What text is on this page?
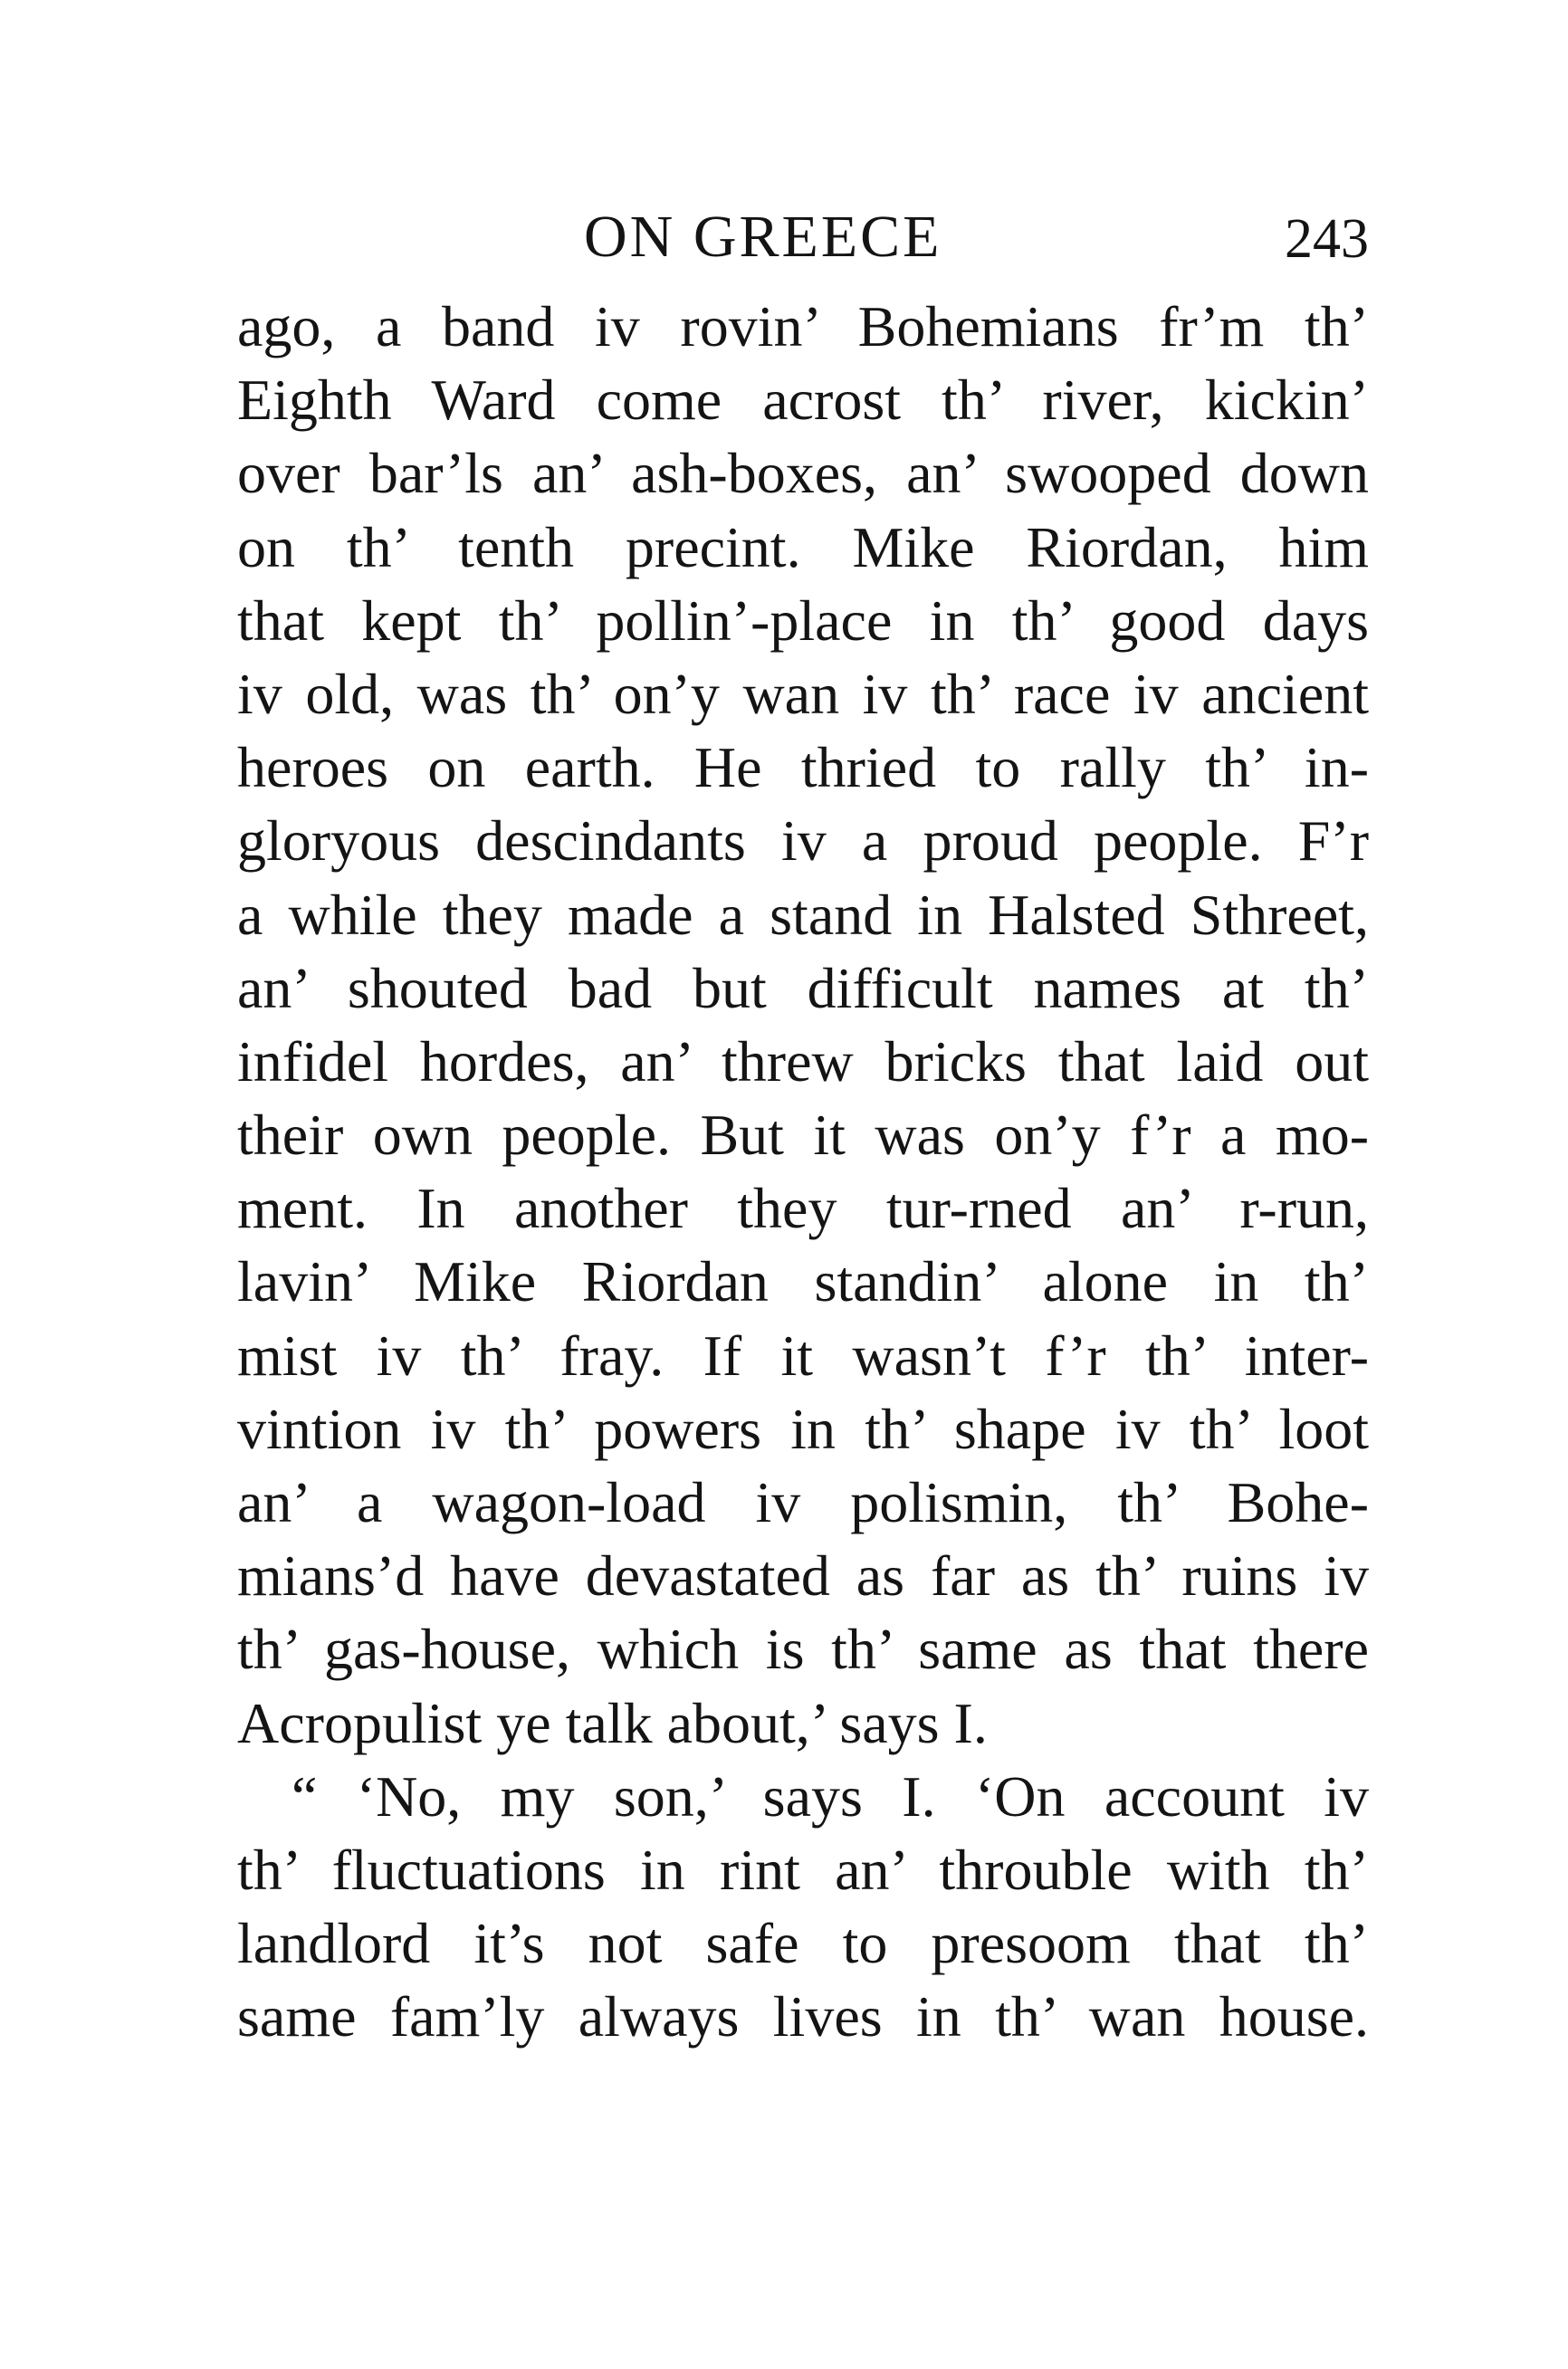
ON GREECE	243
ago, a band iv rovin’ Bohemians fr’m th’
Eighth Ward come acrost th’ river, kickin’
over bar’ls an’ ash-boxes, an’ swooped down
on th’ tenth precint. Mike Riordan, him
that kept th’ pollin’-place in th’ good days
iv old, was th’ on’y wan iv th’ race iv ancient
heroes on earth. He thried to rally th’ in-
gloryous descindants iv a proud people. F’r
a while they made a stand in Halsted Sthreet,
an’ shouted bad but difficult names at th’
infidel hordes, an’ threw bricks that laid out
their own people. But it was on’y f’r a mo-
ment. In another they tur-rned an’ r-run,
lavin’ Mike Riordan standin’ alone in th’
mist iv th’ fray. If it wasn’t f’r th’ inter-
vintion iv th’ powers in th’ shape iv th’ loot
an’ a wagon-load iv polismin, th’ Bohe-
mians’d have devastated as far as th’ ruins iv
th’ gas-house, which is th’ same as that there
Acropulist ye talk about,’ says I.
“ ‘No, my son,’ says I. ‘On account iv
th’ fluctuations in rint an’ throuble with th’
landlord it’s not safe to presoom that th’
same fam’ly always lives in th’ wan house.
